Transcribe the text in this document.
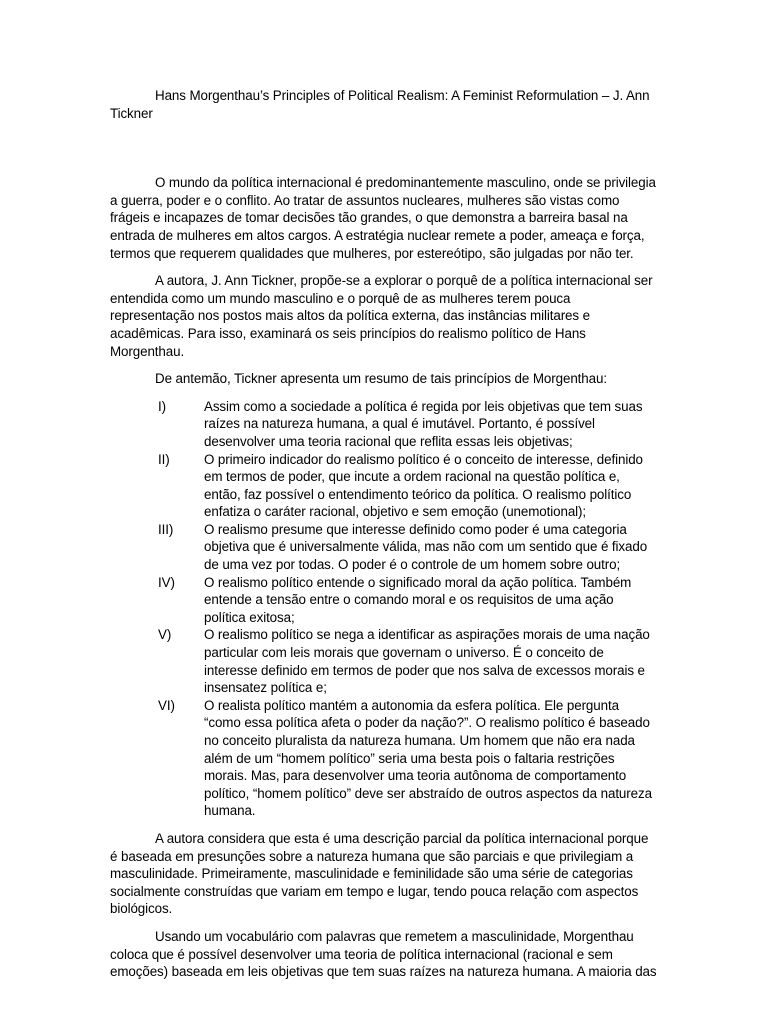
Hans Morgenthau’s Principles of Political Realism: A Feminist Reformulation – J. Ann Tickner

O mundo da política internacional é predominantemente masculino, onde se privilegia a guerra, poder e o conflito. Ao tratar de assuntos nucleares, mulheres são vistas como frágeis e incapazes de tomar decisões tão grandes, o que demonstra a barreira basal na entrada de mulheres em altos cargos. A estratégia nuclear remete a poder, ameaça e força, termos que requerem qualidades que mulheres, por estereótipo, são julgadas por não ter.

A autora, J. Ann Tickner, propõe-se a explorar o porquê de a política internacional ser entendida como um mundo masculino e o porquê de as mulheres terem pouca representação nos postos mais altos da política externa, das instâncias militares e acadêmicas. Para isso, examinará os seis princípios do realismo político de Hans Morgenthau.

De antemão, Tickner apresenta um resumo de tais princípios de Morgenthau:

I)	Assim como a sociedade a política é regida por leis objetivas que tem suas raízes na natureza humana, a qual é imutável. Portanto, é possível desenvolver uma teoria racional que reflita essas leis objetivas;
II)	O primeiro indicador do realismo político é o conceito de interesse, definido em termos de poder, que incute a ordem racional na questão política e, então, faz possível o entendimento teórico da política. O realismo político enfatiza o caráter racional, objetivo e sem emoção (unemotional);
III)	O realismo presume que interesse definido como poder é uma categoria objetiva que é universalmente válida, mas não com um sentido que é fixado de uma vez por todas. O poder é o controle de um homem sobre outro;
IV)	O realismo político entende o significado moral da ação política. Também entende a tensão entre o comando moral e os requisitos de uma ação política exitosa;
V)	O realismo político se nega a identificar as aspirações morais de uma nação particular com leis morais que governam o universo. É o conceito de interesse definido em termos de poder que nos salva de excessos morais e insensatez política e;
VI)	O realista político mantém a autonomia da esfera política. Ele pergunta “como essa política afeta o poder da nação?”. O realismo político é baseado no conceito pluralista da natureza humana. Um homem que não era nada além de um “homem político” seria uma besta pois o faltaria restrições morais. Mas, para desenvolver uma teoria autônoma de comportamento político, “homem político” deve ser abstraído de outros aspectos da natureza humana.

A autora considera que esta é uma descrição parcial da política internacional porque é baseada em presunções sobre a natureza humana que são parciais e que privilegiam a masculinidade. Primeiramente, masculinidade e feminilidade são uma série de categorias socialmente construídas que variam em tempo e lugar, tendo pouca relação com aspectos biológicos.

Usando um vocabulário com palavras que remetem a masculinidade, Morgenthau coloca que é possível desenvolver uma teoria de política internacional (racional e sem emoções) baseada em leis objetivas que tem suas raízes na natureza humana. A maioria das
